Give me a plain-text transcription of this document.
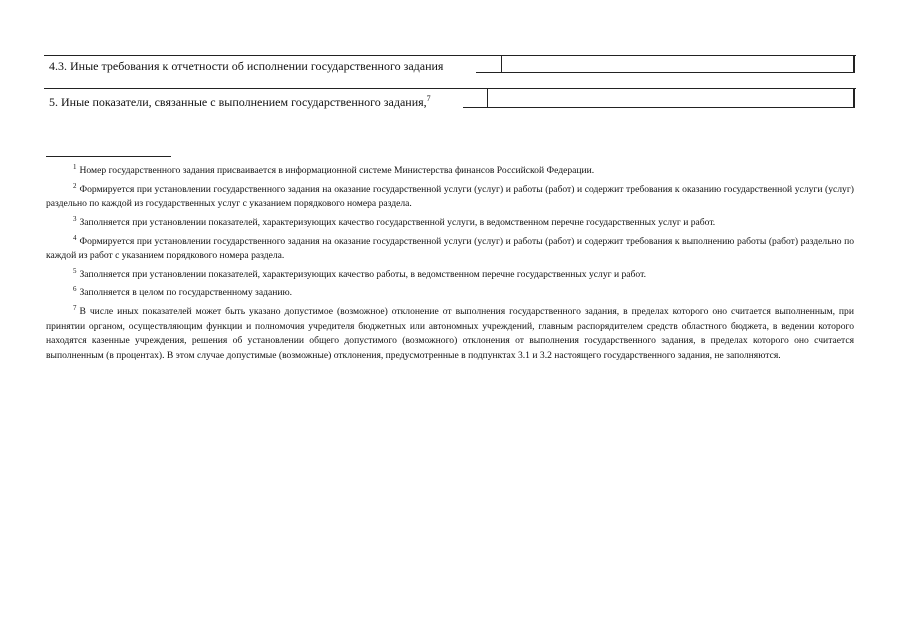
4.3. Иные требования к отчетности об исполнении государственного задания
5. Иные показатели, связанные с выполнением государственного задания,$^7$

$^1$ Номер государственного задания присваивается в информационной системе Министерства финансов Российской Федерации.

$^2$ Формируется при установлении государственного задания на оказание государственной услуги (услуг) и работы (работ) и содержит требования к оказанию государственной услуги (услуг) раздельно по каждой из государственных услуг с указанием порядкового номера раздела.

$^3$ Заполняется при установлении показателей, характеризующих качество государственной услуги, в ведомственном перечне государственных услуг и работ.

$^4$ Формируется при установлении государственного задания на оказание государственной услуги (услуг) и работы (работ) и содержит требования к выполнению работы (работ) раздельно по каждой из работ с указанием порядкового номера раздела.

$^5$ Заполняется при установлении показателей, характеризующих качество работы, в ведомственном перечне государственных услуг и работ.

$^6$ Заполняется в целом по государственному заданию.

$^7$ В числе иных показателей может быть указано допустимое (возможное) отклонение от выполнения государственного задания, в пределах которого оно считается выполненным, при принятии органом, осуществляющим функции и полномочия учредителя бюджетных или автономных учреждений, главным распорядителем средств областного бюджета, в ведении которого находятся казенные учреждения, решения об установлении общего допустимого (возможного) отклонения от выполнения государственного задания, в пределах которого оно считается выполненным (в процентах). В этом случае допустимые (возможные) отклонения, предусмотренные в подпунктах 3.1 и 3.2 настоящего государственного задания, не заполняются.
